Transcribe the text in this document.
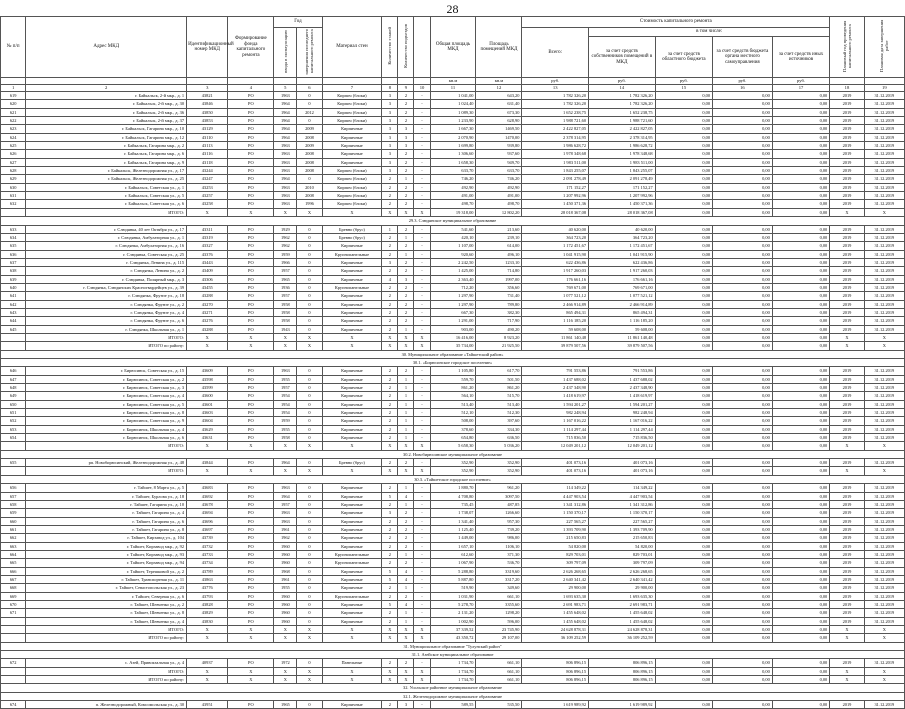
28
№ п/п	Адрес МКД	Идентификационный номер МКД	Формирование фонда капитального ремонта	Год		Материал стен	Количество этажей	Количество подъездов		Общая площадь МКД	Площадь помещений МКД	Стоимость капитального ремонта					Плановый год проведения капитального ремонта	Плановая дата завершения работ
				ввода в эксплуатацию	завершения последнего капитального ремонта							Всего:	в том числе:					
													за счет средств собственников помещений в МКД	за счет средств областного бюджета	за счет средств бюджета органа местного самоуправления	за счет средств иных источников		
										кв.м	кв.м	руб.	руб.	руб.	руб.	руб.		
1	2	3	4	5	6	7	8	9	10	11	12	13	14	15	16	17	18	19
619	г. Байкальск, 2-й мкр., д. 1	43821	РО	1963	0	Кирпич (блоки)	3	2	-	1 041,00	643,20	1 782 326,20	1 782 326,20	0,00	0,00	0,00	2019	31.12.2019
620	г. Байкальск, 2-й мкр., д. 30	43846	РО	1964	0	Кирпич (блоки)	3	2	-	1 024,40	631,40	1 782 326,20	1 782 326,20	0,00	0,00	0,00	2019	31.12.2019
621	г. Байкальск, 2-й мкр., д. 36	43850	РО	1964	2012	Кирпич (блоки)	3	2	-	1 089,30	673,30	1 652 238,75	1 652 238,75	0,00	0,00	0,00	2019	31.12.2019
622	г. Байкальск, 2-й мкр., д. 37	43853	РО	1964	0	Кирпич (блоки)	3	2	-	1 233,90	628,90	1 988 721,60	1 988 721,60	0,00	0,00	0,00	2019	31.12.2019
623	г. Байкальск, Гагарина мкр., д. 10	43129	РО	1964	2009	Кирпичные	3	3	-	1 667,30	1469,50	2 422 827,05	2 422 827,05	0,00	0,00	0,00	2019	31.12.2019
624	г. Байкальск, Гагарина мкр., д. 12	43110	РО	1964	2008	Кирпичные	3	3	-	2 070,90	1470,00	2 378 314,95	2 378 314,95	0,00	0,00	0,00	2019	31.12.2019
625	г. Байкальск, Гагарина мкр., д. 2	43113	РО	1963	2009	Кирпичные	3	3	-	1 699,80	939,80	1 986 628,72	1 986 628,72	0,00	0,00	0,00	2019	31.12.2019
626	г. Байкальск, Гагарина мкр., д. 6	43116	РО	1963	2008	Кирпичные	3	2	-	1 306,60	937,60	1 978 348,68	1 978 348,68	0,00	0,00	0,00	2019	31.12.2019
627	г. Байкальск, Гагарина мкр., д. 9	43118	РО	1963	2008	Кирпичные	3	2	-	1 658,30	949,70	1 983 511,00	1 983 511,00	0,00	0,00	0,00	2019	31.12.2019
628	г. Байкальск, Железнодорожная ул., д. 17	43244	РО	1963	2008	Кирпич (блоки)	3	2	-	633,70	633,70	1 843 255,07	1 843 255,07	0,00	0,00	0,00	2019	31.12.2019
629	г. Байкальск, Железнодорожная ул., д. 25	43247	РО	1964	0	Кирпич (блоки)	2	1	-	746,20	746,20	2 091 278,49	2 091 278,49	0,00	0,00	0,00	2019	31.12.2019
630	г. Байкальск, Советская ул., д. 1	43253	РО	1963	2010	Кирпич (блоки)	2	2	-	492,90	492,90	171 152,27	171 152,27	0,00	0,00	0,00	2019	31.12.2019
631	г. Байкальск, Советская ул., д. 5	43257	РО	1963	2008	Кирпич (блоки)	2	2	-	491,00	491,00	1 207 992,96	1 207 992,96	0,00	0,00	0,00	2019	31.12.2019
632	г. Байкальск, Советская ул., д. 6	43258	РО	1963	1996	Кирпич (блоки)	2	2	-	498,70	498,70	1 450 371,36	1 450 371,36	0,00	0,00	0,00	2019	31.12.2019
	ИТОГО:	X	X	X	X	X	X	X	X	19 318,00	12 802,20	28 018 367,08	28 018 367,08	0,00	0,00	0,00	X	X
29.3. Слюдянское муниципальное образование																		
633	г. Слюдянка, 40 лет Октября ул., д. 17	43311	РО	1929	0	Бревно (брус)	1	2	-	541,60	213,60	40 620,00	40 620,00	0,00	0,00	0,00	2019	31.12.2019
634	г. Слюдянка, Амбулаторная ул., д. 1	43319	РО	1962	0	Бревно (брус)	2	1	-	420,10	239,10	364 723,20	364 723,20	0,00	0,00	0,00	2019	31.12.2019
635	г. Слюдянка, Амбулаторная ул., д. 16	43327	РО	1962	0	Кирпичные	2	2	-	1 107,00	614,00	1 172 451,67	1 172 451,67	0,00	0,00	0,00	2019	31.12.2019
636	г. Слюдянка, Советская ул., д. 25	43376	РО	1959	0	Крупнопанельные	2	1	-	920,60	496,10	1 041 915,90	1 041 915,90	0,00	0,00	0,00	2019	31.12.2019
637	г. Слюдянка, Ленина ул., д. 115	43443	РО	1966	0	Кирпичные	3	2	-	2 242,50	1233,10	622 436,86	622 436,86	0,00	0,00	0,00	2019	31.12.2019
638	г. Слюдянка, Ленина ул., д. 2	43409	РО	1957	0	Кирпичные	2	2	-	1 425,00	714,80	1 917 260,03	1 917 260,03	0,00	0,00	0,00	2019	31.12.2019
639	г. Слюдянка, Полярный мкр., д. 3	43306	РО	1965	0	Кирпичные	4	3	-	2 363,40	1997,00	176 661,16	176 661,16	0,00	0,00	0,00	2019	31.12.2019
640	г. Слюдянка, Слюдянских Красногвардейцев ул., д. 39	43455	РО	1936	0	Крупнопанельные	2	2	-	712,20	356,60	769 671,00	769 671,00	0,00	0,00	0,00	2019	31.12.2019
641	г. Слюдянка, Фрунзе ул., д. 18	43288	РО	1957	0	Кирпичные	2	2	-	1 297,90	731,40	1 077 521,12	1 077 521,12	0,00	0,00	0,00	2019	31.12.2019
642	г. Слюдянка, Фрунзе ул., д. 2	43270	РО	1958	0	Кирпичные	2	2	-	1 297,90	789,80	2 466 914,89	2 466 914,89	0,00	0,00	0,00	2019	31.12.2019
643	г. Слюдянка, Фрунзе ул., д. 4	43271	РО	1958	0	Кирпичные	2	2	-	667,30	382,30	865 494,31	865 494,31	0,00	0,00	0,00	2019	31.12.2019
644	г. Слюдянка, Фрунзе ул., д. 6	43276	РО	1958	0	Кирпичные	2	2	-	1 291,00	717,90	1 116 185,20	1 116 185,20	0,00	0,00	0,00	2019	31.12.2019
645	г. Слюдянка, Школьная ул., д. 1	43288	РО	1943	0	Кирпичные	2	1	-	903,00	490,20	59 608,00	59 608,00	0,00	0,00	0,00	2019	31.12.2019
	ИТОГО:	X	X	X	X	X	X	X	X	16 416,00	8 923,20	11 861 140,48	11 861 140,48	0,00	0,00	0,00	X	X
	ИТОГО по району:	X	X	X	X	X	X	X	X	35 734,00	21 925,50	39 879 507,56	39 879 507,56	0,00	0,00	0,00	X	X
30. Муниципальное образование «Тайшетский район»																		
30.1. «Бирюсинское городское поселение»																		
646	г. Бирюсинск, Советская ул., д. 15	43609	РО	1963	0	Кирпичные	2	2	-	1 105,80	617,70	791 553,86	791 553,86	0,00	0,00	0,00	2019	31.12.2019
647	г. Бирюсинск, Советская ул., д. 2	43598	РО	1955	0	Кирпичные	2	1	-	559,70	501,50	1 437 688,02	1 437 688,02	0,00	0,00	0,00	2019	31.12.2019
648	г. Бирюсинск, Советская ул., д. 3	43599	РО	1957	0	Кирпичные	2	1	-	861,20	861,20	2 437 348,90	2 437 348,90	0,00	0,00	0,00	2019	31.12.2019
649	г. Бирюсинск, Советская ул., д. 4	43600	РО	1954	0	Кирпичные	2	1	-	564,10	515,70	1 418 619,97	1 418 619,97	0,00	0,00	0,00	2019	31.12.2019
650	г. Бирюсинск, Советская ул., д. 5	43601	РО	1954	0	Кирпичные	2	1	-	513,40	513,40	1 594 201,27	1 594 201,27	0,00	0,00	0,00	2019	31.12.2019
651	г. Бирюсинск, Советская ул., д. 8	43603	РО	1954	0	Кирпичные	2	1	-	512,10	512,30	982 248,94	982 248,94	0,00	0,00	0,00	2019	31.12.2019
652	г. Бирюсинск, Советская ул., д. 9	43604	РО	1959	0	Кирпичные	2	1	-	508,00	397,60	1 167 016,22	1 167 016,22	0,00	0,00	0,00	2019	31.12.2019
653	г. Бирюсинск, Школьная ул., д. 4	43629	РО	1955	0	Кирпичные	2	1	-	378,60	334,30	1 114 297,44	1 114 297,44	0,00	0,00	0,00	2019	31.12.2019
654	г. Бирюсинск, Школьная ул., д. 6	43631	РО	1958	0	Кирпичные	2	1	-	654,80	636,50	715 836,50	715 836,50	0,00	0,00	0,00	2019	31.12.2019
	ИТОГО:	X	X	X	X	X	X	X	X	5 658,30	5 036,20	12 049 201,12	12 049 201,12	0,00	0,00	0,00	X	X
30.2. Новобирюсинское муниципальное образование																		
655	рп. Новобирюсинский, Железнодорожная ул., д. 48	43844	РО	1964	0	Бревно (брус)	2	2	-	352,90	352,90	401 073,16	401 073,16	0,00	0,00	0,00	2019	31.12.2019
	ИТОГО:	X	X	X	X	X	X	X	X	352,90	352,90	401 073,16	401 073,16	0,00	0,00	0,00	X	X
30.3. «Тайшетское городское поселение»																		
656	г. Тайшет, 8 Марта ул., д. 5	43683	РО	1963	0	Кирпичные	2	1	-	1 880,70	961,20	114 349,22	114 349,22	0,00	0,00	0,00	2019	31.12.2019
657	г. Тайшет, Бурлова ул., д. 18	43692	РО	1964	0	Кирпичные	5	4	-	4 708,80	3097,50	4 447 903,54	4 447 903,54	0,00	0,00	0,00	2019	31.12.2019
658	г. Тайшет, Гагарина ул., д. 10	43678	РО	1957	0	Кирпичные	2	1	-	735,45	487,85	1 341 312,86	1 341 312,86	0,00	0,00	0,00	2019	31.12.2019
659	г. Тайшет, Гагарина ул., д. 4	43694	РО	1963	0	Кирпичные	3	2	-	1 738,07	1266,60	1 150 370,17	1 150 370,17	0,00	0,00	0,00	2019	31.12.2019
660	г. Тайшет, Гагарина ул., д. 6	43696	РО	1963	0	Кирпичные	2	2	-	1 341,40	957,30	227 565,27	227 565,27	0,00	0,00	0,00	2019	31.12.2019
661	г. Тайшет, Гагарина ул., д. 8	43697	РО	1961	0	Кирпичные	2	2	-	1 125,40	739,20	1 393 709,90	1 393 709,90	0,00	0,00	0,00	2019	31.12.2019
662	г. Тайшет, Кирзавод ул., д. 104	43739	РО	1962	0	Кирпичные	2	2	-	1 449,00	986,00	215 650,83	215 650,83	0,00	0,00	0,00	2019	31.12.2019
663	г. Тайшет, Кирзавод мкр., д. 92	43732	РО	1960	0	Кирпичные	2	2	-	1 657,10	1106,10	54 820,00	54 820,00	0,00	0,00	0,00	2019	31.12.2019
664	г. Тайшет, Кирзавод мкр., д. 93	43733	РО	1960	0	Крупнопанельные	2	1	-	612,60	371,30	829 703,01	829 703,01	0,00	0,00	0,00	2019	31.12.2019
665	г. Тайшет, Кирзавод мкр., д. 94	43734	РО	1960	0	Крупнопанельные	2	2	-	1 067,90	536,70	309 797,09	309 797,09	0,00	0,00	0,00	2019	31.12.2019
666	г. Тайшет, Терешковой ул., д. 2	43789	РО	1968	0	Кирпичные	5	4	-	5 288,80	3319,60	2 626 268,65	2 626 268,65	0,00	0,00	0,00	2019	31.12.2019
667	г. Тайшет, Транспортная ул., д. 11	43863	РО	1961	0	Кирпичные	5	4	-	5 887,80	3317,20	2 640 341,42	2 640 341,42	0,00	0,00	0,00	2019	31.12.2019
668	г. Тайшет, Севастопольская ул., д. 23	43776	РО	1955	0	Кирпичные	2	1	-	519,90	349,60	29 900,00	29 900,00	0,00	0,00	0,00	2019	31.12.2019
669	г. Тайшет, Северная ул., д. 6	43793	РО	1960	0	Крупнопанельные	2	2	-	1 031,90	661,10	1 693 635,30	1 693 635,30	0,00	0,00	0,00	2019	31.12.2019
670	г. Тайшет, Шевченко ул., д. 2	43828	РО	1960	0	Кирпичные	5	4	-	5 278,70	3355,60	2 691 983,71	2 691 983,71	0,00	0,00	0,00	2019	31.12.2019
671	г. Тайшет, Шевченко ул., д. 8	43829	РО	1960	0	Кирпичные	2	1	-	2 131,20	1298,20	1 455 648,02	1 455 648,02	0,00	0,00	0,00	2019	31.12.2019
	г. Тайшет, Шевченко ул., д. 4	43830	РО	1960	0	Кирпичные	2	1	-	1 002,90	596,00	1 455 648,02	1 455 648,02	0,00	0,00	0,00	2019	31.12.2019
	ИТОГО:	X	X	X	X	X	X	X	X	37 339,52	23 745,90	24 628 878,31	24 628 878,31	0,00	0,00	0,00	X	X
	ИТОГО по району:	X	X	X	X	X	X	X	X	43 350,72	29 107,00	36 109 252,59	36 109 252,59	0,00	0,00	0,00	X	X
31. Муниципальное образование "Тулунский район"																		
31.1. Азейское муниципальное образование																		
672	с. Азей, Привокзальная ул., д. 4	40937	РО	1972	0	Панельные	2	2	-	1 734,70	661,10	806 896,15	806 896,15	0,00	0,00	0,00	2019	31.12.2019
	ИТОГО:	X	X	X	X	X	X	X	X	1 734,70	661,10	806 896,15	806 896,15	0,00	0,00	0,00	X	X
	ИТОГО по району:	X	X	X	X	X	X	X	X	1 734,70	661,10	806 896,15	806 896,15	0,00	0,00	0,00	X	X
32. Усольское районное муниципальное образование																		
32.1. Железнодорожное муниципальное образование																		
674	п. Железнодорожный, Комсомольская ул., д. 30	43951	РО	1965	0	Кирпичные	2	3	-	589,55	535,50	1 619 989,92	1 619 989,92	0,00	0,00	0,00	2019	31.12.2019
